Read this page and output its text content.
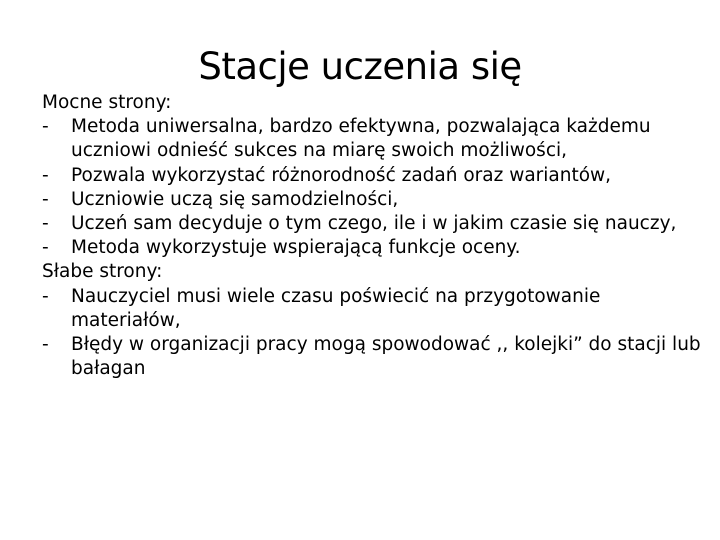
Stacje uczenia się
Mocne strony:
- Metoda uniwersalna, bardzo efektywna, pozwalająca każdemu uczniowi odnieść sukces na miarę swoich możliwości,
- Pozwala wykorzystać różnorodność zadań oraz wariantów,
- Uczniowie uczą się samodzielności,
- Uczeń sam decyduje o tym czego, ile i w jakim czasie się nauczy,
- Metoda wykorzystuje wspierającą funkcje oceny.
Słabe strony:
- Nauczyciel musi wiele czasu poświecić na przygotowanie materiałów,
- Błędy w organizacji pracy mogą spowodować ,, kolejki” do stacji lub bałagan
